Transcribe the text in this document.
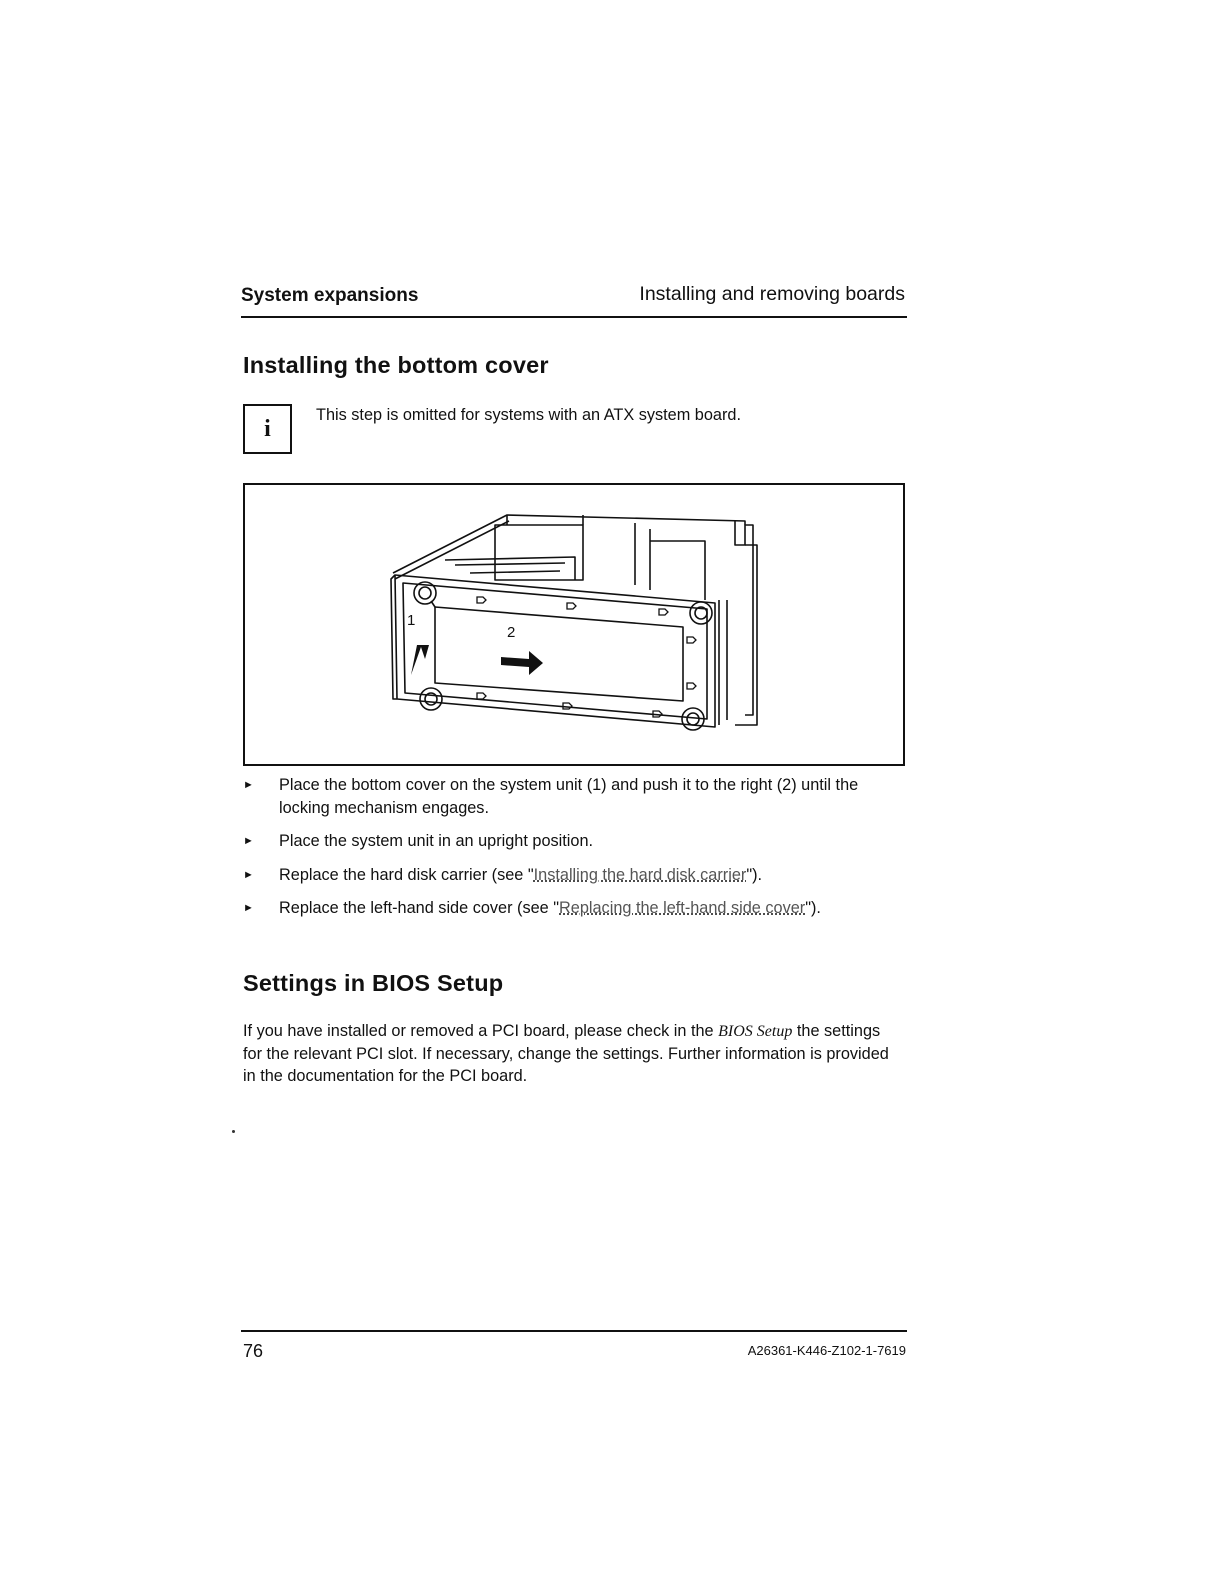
System expansions	Installing and removing boards
Installing the bottom cover
i
This step is omitted for systems with an ATX system board.
1
2
► Place the bottom cover on the system unit (1) and push it to the right (2) until the locking mechanism engages.
► Place the system unit in an upright position.
► Replace the hard disk carrier (see "Installing the hard disk carrier").
► Replace the left-hand side cover (see "Replacing the left-hand side cover").
Settings in BIOS Setup

If you have installed or removed a PCI board, please check in the BIOS Setup the settings for the relevant PCI slot. If necessary, change the settings. Further information is provided in the documentation for the PCI board.

76	A26361-K446-Z102-1-7619
